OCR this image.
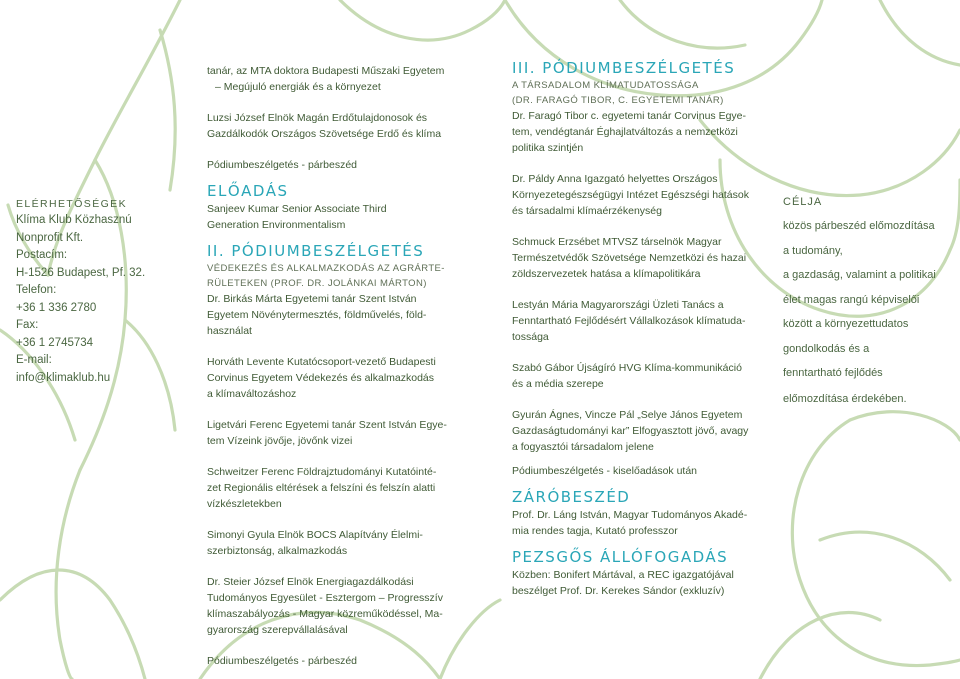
ELÉRHETŐSÉGEK
Klíma Klub Közhasznú
Nonprofit Kft.
Postacím:
H-1526 Budapest, Pf. 32.
Telefon:
+36 1 336 2780
Fax:
+36 1 2745734
E-mail:
info@klimaklub.hu
tanár, az MTA doktora Budapesti Műszaki Egyetem
– Megújuló energiák és a környezet
Luzsi József Elnök Magán Erdőtulajdonosok és
Gazdálkodók Országos Szövetsége Erdő és klíma
Pódiumbeszélgetés - párbeszéd
ELŐADÁS
Sanjeev Kumar Senior Associate Third
Generation Environmentalism
II. PÓDIUMBESZÉLGETÉS
VÉDEKEZÉS ÉS ALKALMAZKODÁS AZ AGRÁRTE-
RÜLETEKEN (PROF. DR. JOLÁNKAI MÁRTON)
Dr. Birkás Márta Egyetemi tanár Szent István
Egyetem Növénytermesztés, földművelés, föld-
használat
Horváth Levente Kutatócsoport-vezető Budapesti
Corvinus Egyetem Védekezés és alkalmazkodás
a klímaváltozáshoz
Ligetvári Ferenc Egyetemi tanár Szent István Egye-
tem Vízeink jövője, jövőnk vizei
Schweitzer Ferenc Földrajztudományi Kutatóinté-
zet Regionális eltérések a felszíni és felszín alatti
vízkészletekben
Simonyi Gyula Elnök BOCS Alapítvány Élelmi-
szerbiztonság, alkalmazkodás
Dr. Steier József Elnök Energiagazdálkodási
Tudományos Egyesület - Esztergom – Progresszív
klímaszabályozás - Magyar közreműködéssel, Ma-
gyarország szerepvállalásával
Pódiumbeszélgetés - párbeszéd
III. PÓDIUMBESZÉLGETÉS
A TÁRSADALOM KLÍMATUDATOSSÁGA
(DR. FARAGÓ TIBOR, C. EGYETEMI TANÁR)
Dr. Faragó Tibor c. egyetemi tanár Corvinus Egye-
tem, vendégtanár Éghajlatváltozás a nemzetközi
politika szintjén
Dr. Páldy Anna Igazgató helyettes Országos
Környezetegészségügyi Intézet Egészségi hatások
és társadalmi klímaérzékenység
Schmuck Erzsébet MTVSZ társelnök Magyar
Természetvédők Szövetsége Nemzetközi és hazai
zöldszervezetek hatása a klímapolitikára
Lestyán Mária Magyarországi Üzleti Tanács a
Fenntartható Fejlődésért Vállalkozások klímatuda-
tossága
Szabó Gábor Újságíró HVG Klíma-kommunikáció
és a média szerepe
Gyurán Ágnes, Vincze Pál „Selye János Egyetem
Gazdaságtudományi kar” Elfogyasztott jövő, avagy
a fogyasztói társadalom jelene
Pódiumbeszélgetés - kiselőadások után
ZÁRÓBESZÉD
Prof. Dr. Láng István, Magyar Tudományos Akadé-
mia rendes tagja, Kutató professzor
PEZSGŐS ÁLLÓFOGADÁS
Közben: Bonifert Mártával, a REC igazgatójával
beszélget Prof. Dr. Kerekes Sándor (exkluzív)
CÉLJA
közös párbeszéd előmozdítása
a tudomány,
a gazdaság, valamint a politikai
élet magas rangú képviselői
között a környezettudatos
gondolkodás és a
fenntartható fejlődés
előmozdítása érdekében.
